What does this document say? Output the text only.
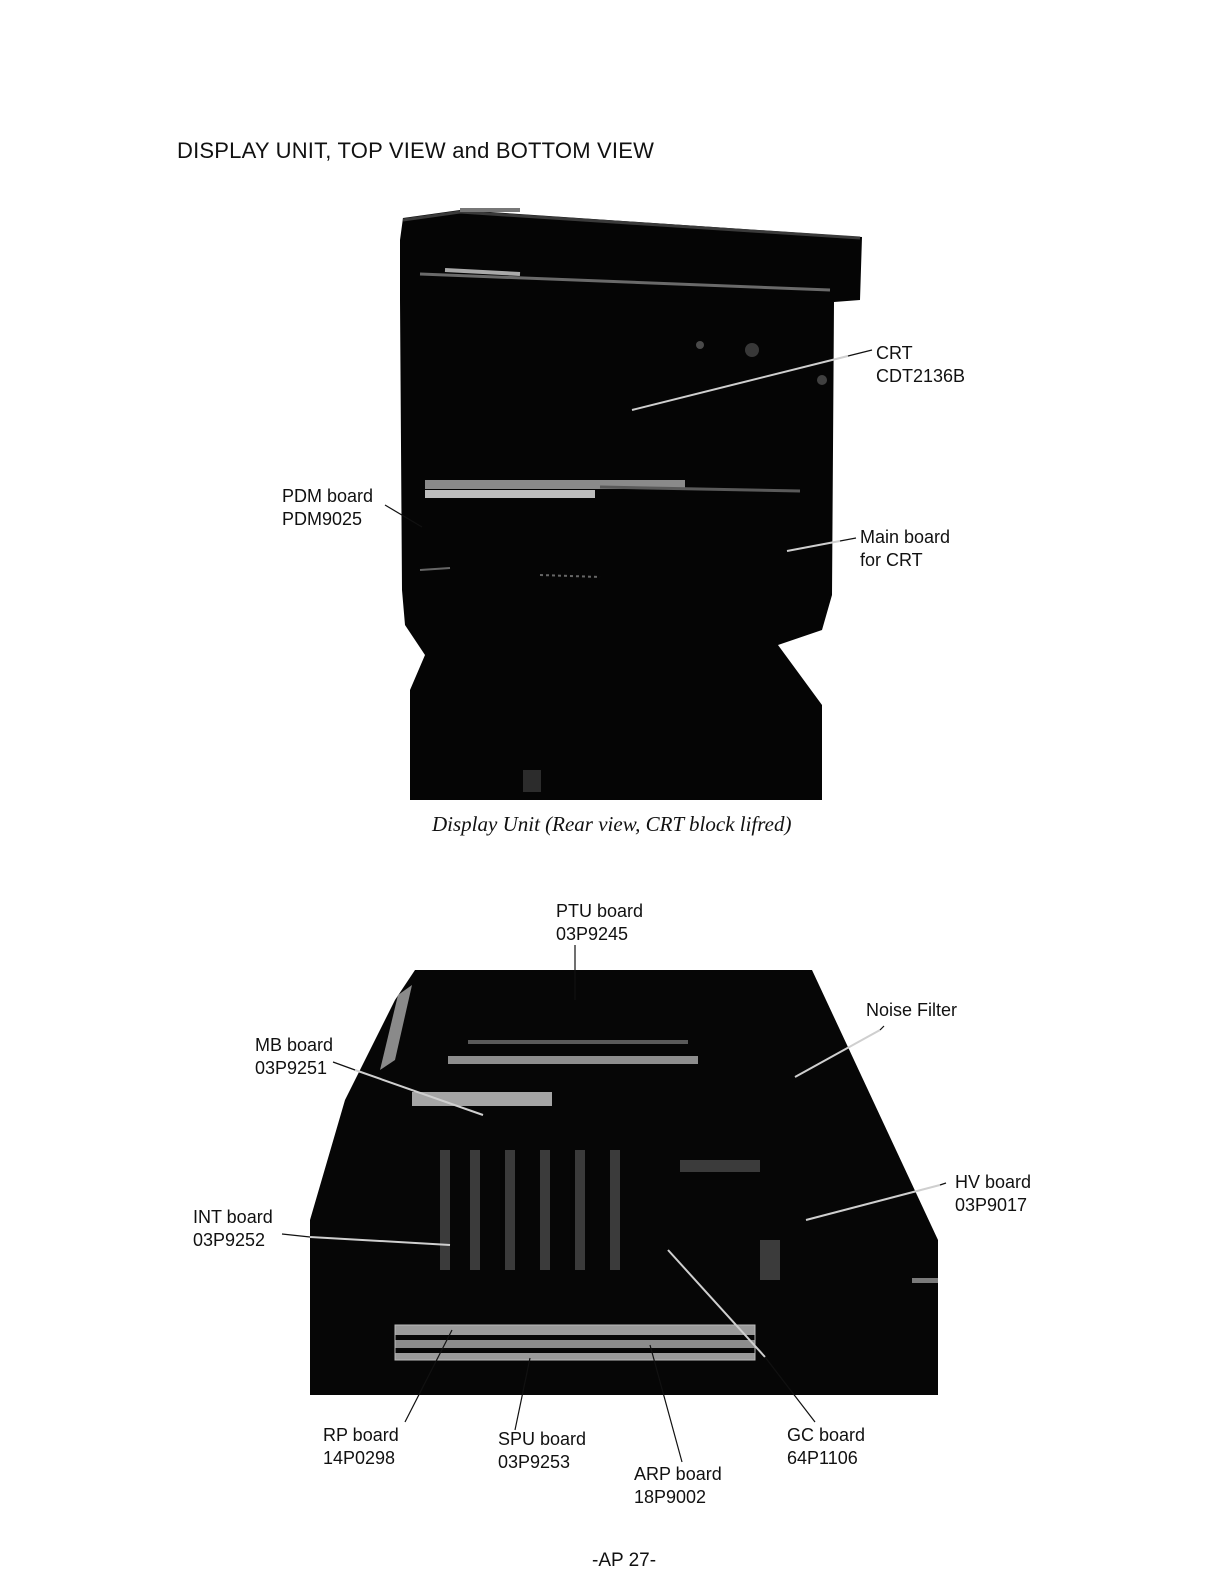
DISPLAY UNIT, TOP VIEW and BOTTOM VIEW
CRT
CDT2136B
PDM board
PDM9025
Main board
for CRT
Display Unit (Rear view, CRT block lifred)
PTU board
03P9245
Noise Filter
MB board
03P9251
HV board
03P9017
INT board
03P9252
RP board
14P0298
SPU board
03P9253
ARP board
18P9002
GC board
64P1106
-AP 27-
